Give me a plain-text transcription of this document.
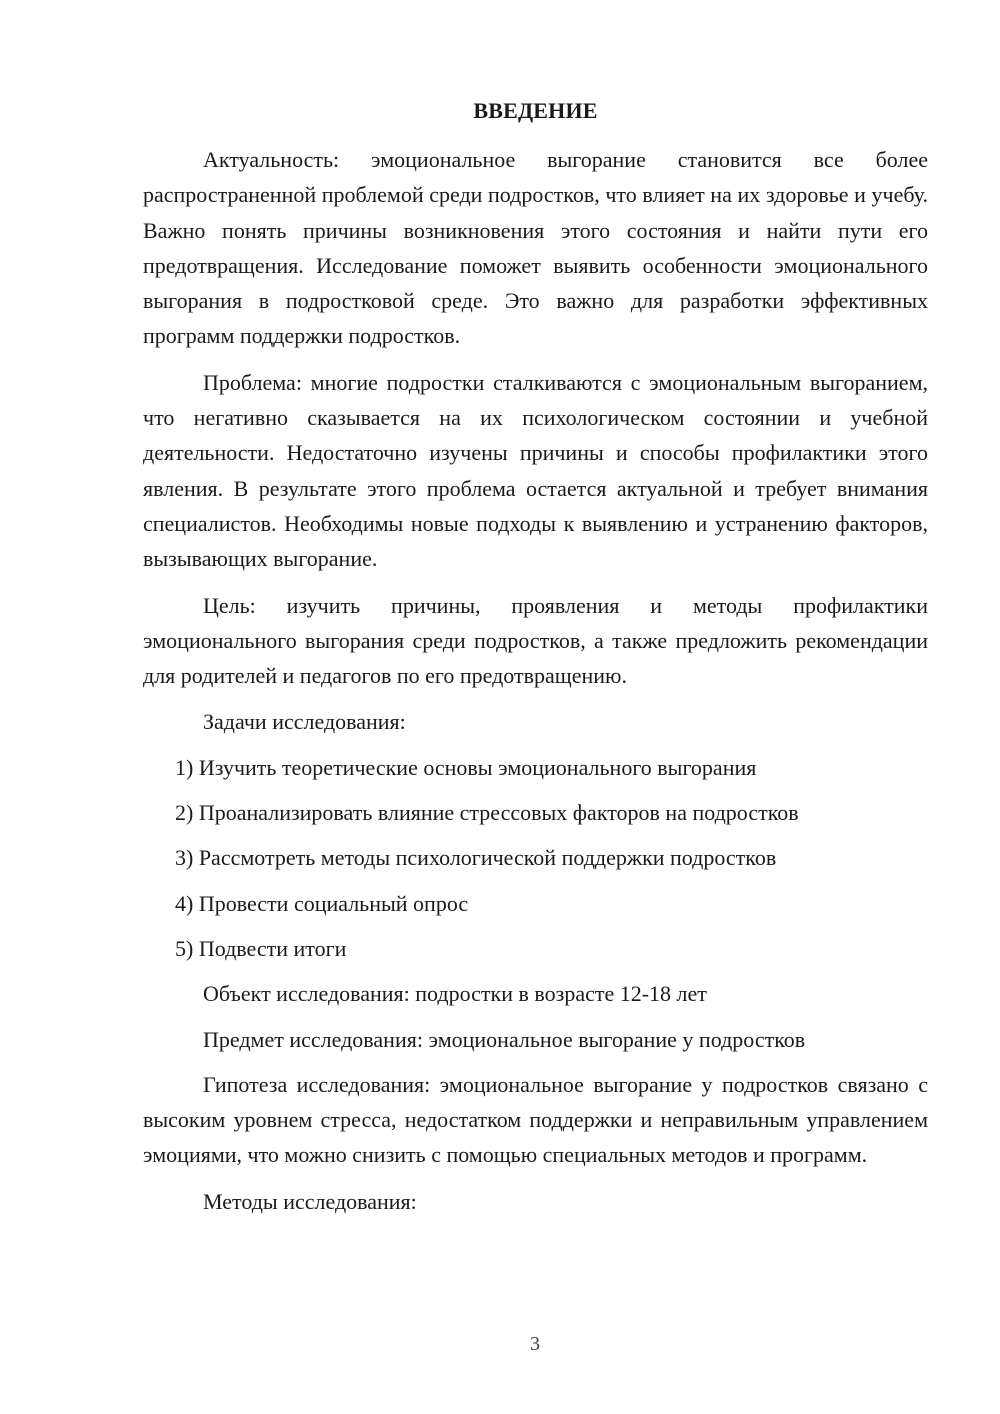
ВВЕДЕНИЕ

Актуальность: эмоциональное выгорание становится все более распространенной проблемой среди подростков, что влияет на их здоровье и учебу. Важно понять причины возникновения этого состояния и найти пути его предотвращения. Исследование поможет выявить особенности эмоционального выгорания в подростковой среде. Это важно для разработки эффективных программ поддержки подростков.

Проблема: многие подростки сталкиваются с эмоциональным выгоранием, что негативно сказывается на их психологическом состоянии и учебной деятельности. Недостаточно изучены причины и способы профилактики этого явления. В результате этого проблема остается актуальной и требует внимания специалистов. Необходимы новые подходы к выявлению и устранению факторов, вызывающих выгорание.

Цель: изучить причины, проявления и методы профилактики эмоционального выгорания среди подростков, а также предложить рекомендации для родителей и педагогов по его предотвращению.

Задачи исследования:

1) Изучить теоретические основы эмоционального выгорания

2) Проанализировать влияние стрессовых факторов на подростков

3) Рассмотреть методы психологической поддержки подростков

4) Провести социальный опрос

5) Подвести итоги

Объект исследования: подростки в возрасте 12-18 лет

Предмет исследования: эмоциональное выгорание у подростков

Гипотеза исследования: эмоциональное выгорание у подростков связано с высоким уровнем стресса, недостатком поддержки и неправильным управлением эмоциями, что можно снизить с помощью специальных методов и программ.

Методы исследования:

3
